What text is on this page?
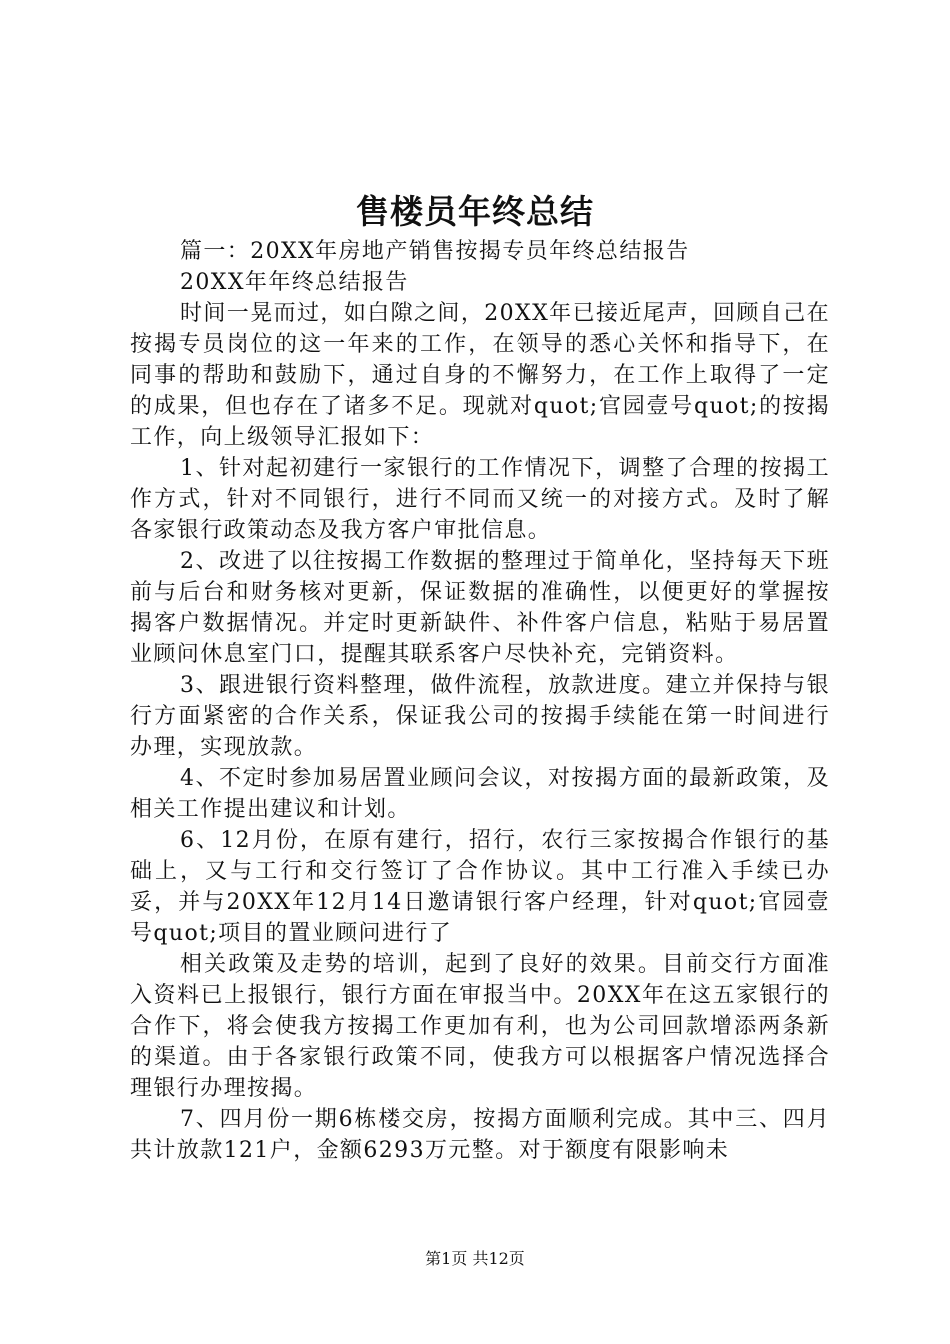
售楼员年终总结

篇一：20XX年房地产销售按揭专员年终总结报告

20XX年年终总结报告

时间一晃而过，如白隙之间，20XX年已接近尾声，回顾自己在按揭专员岗位的这一年来的工作，在领导的悉心关怀和指导下，在同事的帮助和鼓励下，通过自身的不懈努力，在工作上取得了一定的成果，但也存在了诸多不足。现就对quot;官园壹号quot;的按揭工作，向上级领导汇报如下：

1、针对起初建行一家银行的工作情况下，调整了合理的按揭工作方式，针对不同银行，进行不同而又统一的对接方式。及时了解各家银行政策动态及我方客户审批信息。

2、改进了以往按揭工作数据的整理过于简单化，坚持每天下班前与后台和财务核对更新，保证数据的准确性，以便更好的掌握按揭客户数据情况。并定时更新缺件、补件客户信息，粘贴于易居置业顾问休息室门口，提醒其联系客户尽快补充，完销资料。

3、跟进银行资料整理，做件流程，放款进度。建立并保持与银行方面紧密的合作关系，保证我公司的按揭手续能在第一时间进行办理，实现放款。

4、不定时参加易居置业顾问会议，对按揭方面的最新政策，及相关工作提出建议和计划。

6、12月份，在原有建行，招行，农行三家按揭合作银行的基础上，又与工行和交行签订了合作协议。其中工行准入手续已办妥，并与20XX年12月14日邀请银行客户经理，针对quot;官园壹号quot;项目的置业顾问进行了

相关政策及走势的培训，起到了良好的效果。目前交行方面准入资料已上报银行，银行方面在审报当中。20XX年在这五家银行的合作下，将会使我方按揭工作更加有利，也为公司回款增添两条新的渠道。由于各家银行政策不同，使我方可以根据客户情况选择合理银行办理按揭。

7、四月份一期6栋楼交房，按揭方面顺利完成。其中三、四月共计放款121户，金额6293万元整。对于额度有限影响未

第1页 共12页
